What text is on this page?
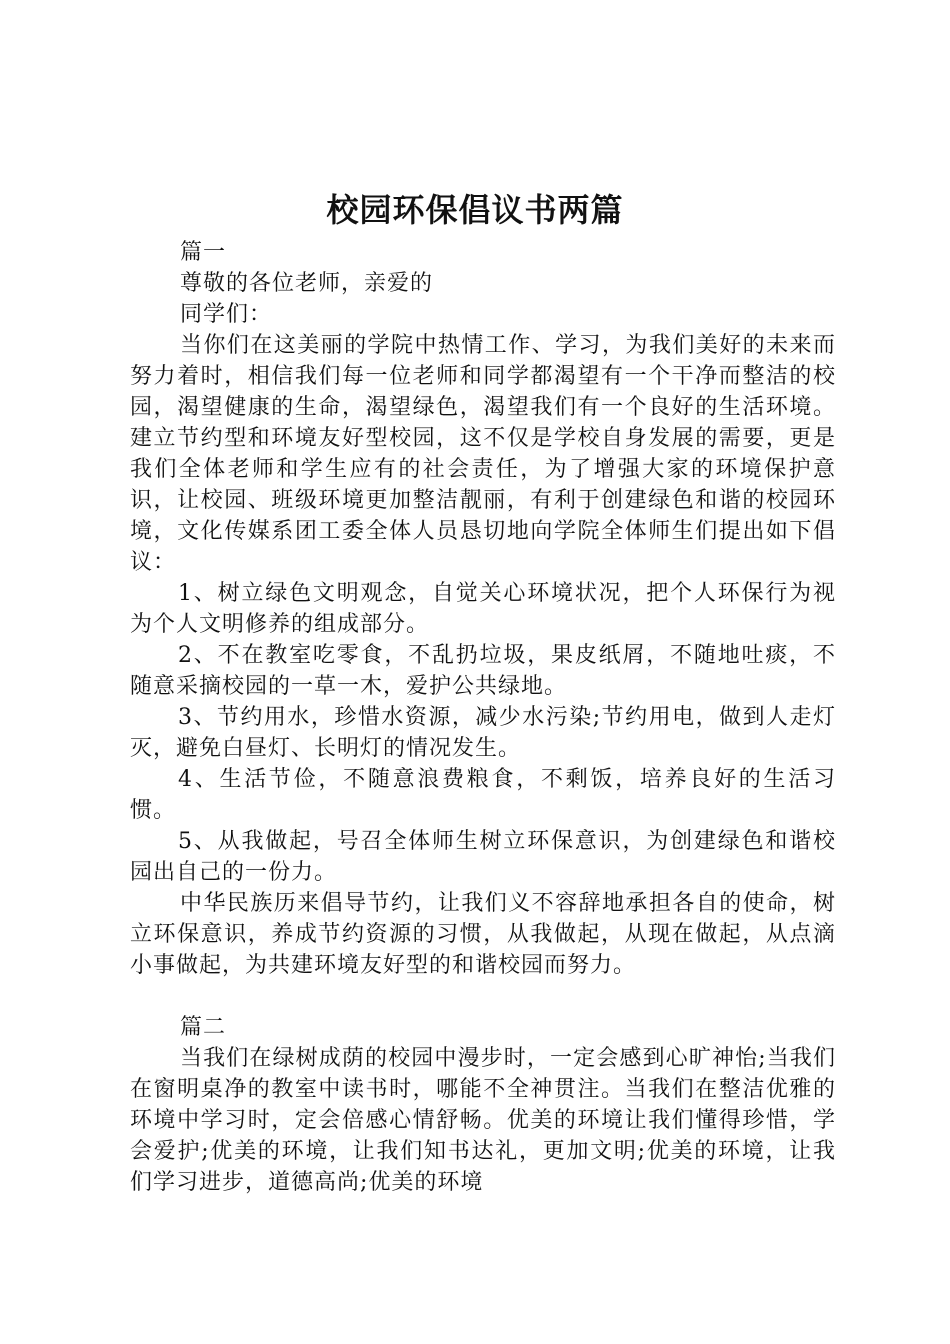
校园环保倡议书两篇
篇一
尊敬的各位老师，亲爱的
同学们：
当你们在这美丽的学院中热情工作、学习，为我们美好的未来而努力着时，相信我们每一位老师和同学都渴望有一个干净而整洁的校园，渴望健康的生命，渴望绿色，渴望我们有一个良好的生活环境。建立节约型和环境友好型校园，这不仅是学校自身发展的需要，更是我们全体老师和学生应有的社会责任，为了增强大家的环境保护意识，让校园、班级环境更加整洁靓丽，有利于创建绿色和谐的校园环境，文化传媒系团工委全体人员恳切地向学院全体师生们提出如下倡议：
1、树立绿色文明观念，自觉关心环境状况，把个人环保行为视为个人文明修养的组成部分。
2、不在教室吃零食，不乱扔垃圾，果皮纸屑，不随地吐痰，不随意采摘校园的一草一木，爱护公共绿地。
3、节约用水，珍惜水资源，减少水污染;节约用电，做到人走灯灭，避免白昼灯、长明灯的情况发生。
4、生活节俭，不随意浪费粮食，不剩饭，培养良好的生活习惯。
5、从我做起，号召全体师生树立环保意识，为创建绿色和谐校园出自己的一份力。
中华民族历来倡导节约，让我们义不容辞地承担各自的使命，树立环保意识，养成节约资源的习惯，从我做起，从现在做起，从点滴小事做起，为共建环境友好型的和谐校园而努力。
篇二
当我们在绿树成荫的校园中漫步时，一定会感到心旷神怡;当我们在窗明桌净的教室中读书时，哪能不全神贯注。当我们在整洁优雅的环境中学习时，定会倍感心情舒畅。优美的环境让我们懂得珍惜，学会爱护;优美的环境，让我们知书达礼，更加文明;优美的环境，让我们学习进步，道德高尚;优美的环境
